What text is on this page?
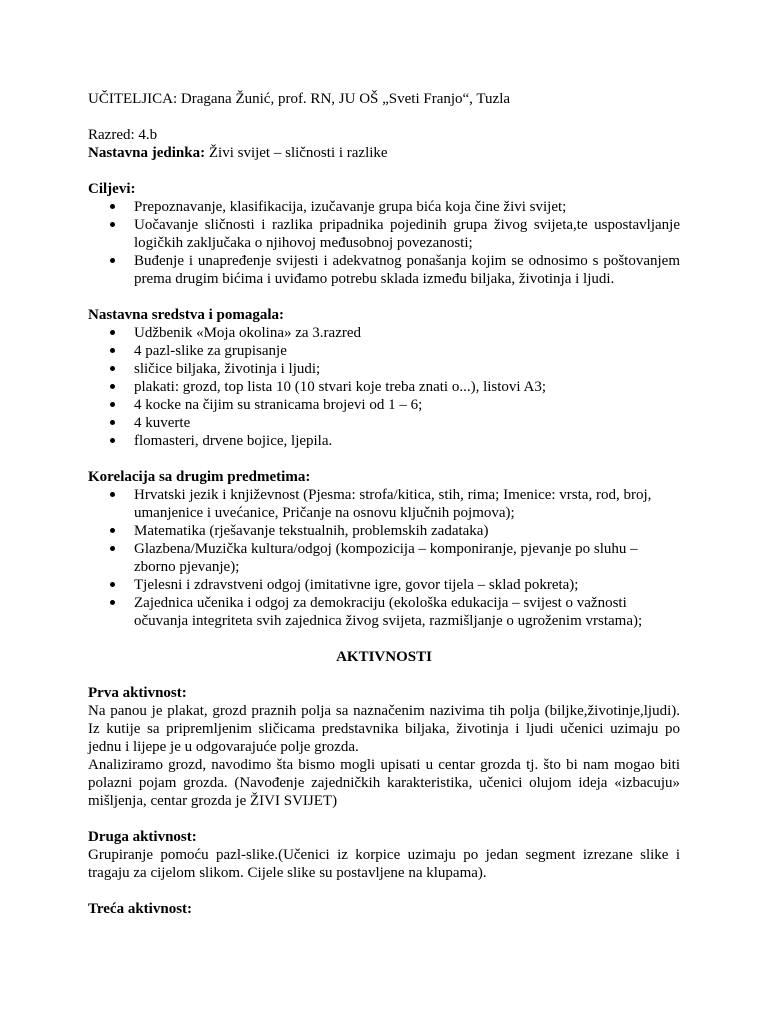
UČITELJICA: Dragana Žunić, prof. RN, JU OŠ „Sveti Franjo“, Tuzla

Razred: 4.b

Nastavna jedinka: Živi svijet – sličnosti i razlike

Ciljevi:

Prepoznavanje, klasifikacija, izučavanje grupa bića koja čine živi svijet;
Uočavanje sličnosti i razlika pripadnika pojedinih grupa živog svijeta,te uspostavljanje logičkih zaključaka o njihovoj međusobnoj povezanosti;
Buđenje i unapređenje svijesti i adekvatnog ponašanja kojim se odnosimo s poštovanjem prema drugim bićima i uviđamo potrebu sklada između biljaka, životinja i ljudi.

Nastavna sredstva i pomagala:

Udžbenik «Moja okolina» za 3.razred
4 pazl-slike za grupisanje
sličice biljaka, životinja i ljudi;
plakati: grozd, top lista 10 (10 stvari koje treba znati o...), listovi A3;
4 kocke na čijim su stranicama brojevi od 1 – 6;
4 kuverte
flomasteri, drvene bojice, ljepila.

Korelacija sa drugim predmetima:

Hrvatski jezik i književnost (Pjesma: strofa/kitica, stih, rima; Imenice: vrsta, rod, broj, umanjenice i uvećanice, Pričanje na osnovu ključnih pojmova);
Matematika (rješavanje tekstualnih, problemskih zadataka)
Glazbena/Muzička kultura/odgoj (kompozicija – komponiranje, pjevanje po sluhu – zborno pjevanje);
Tjelesni i zdravstveni odgoj (imitativne igre, govor tijela – sklad pokreta);
Zajednica učenika i odgoj za demokraciju (ekološka edukacija – svijest o važnosti očuvanja integriteta svih zajednica živog svijeta, razmišljanje o ugroženim vrstama);

AKTIVNOSTI

Prva aktivnost:

Na panou je plakat, grozd praznih polja sa naznačenim nazivima tih polja (biljke,životinje,ljudi). Iz kutije sa pripremljenim sličicama predstavnika biljaka, životinja i ljudi učenici uzimaju po jednu i lijepe je u odgovarajuće polje grozda.

Analiziramo grozd, navodimo šta bismo mogli upisati u centar grozda tj. što bi nam mogao biti polazni pojam grozda. (Navođenje zajedničkih karakteristika, učenici olujom ideja «izbacuju» mišljenja, centar grozda je ŽIVI SVIJET)

Druga aktivnost:

Grupiranje pomoću pazl-slike.(Učenici iz korpice uzimaju po jedan segment izrezane slike i tragaju za cijelom slikom. Cijele slike su postavljene na klupama).

Treća aktivnost:
